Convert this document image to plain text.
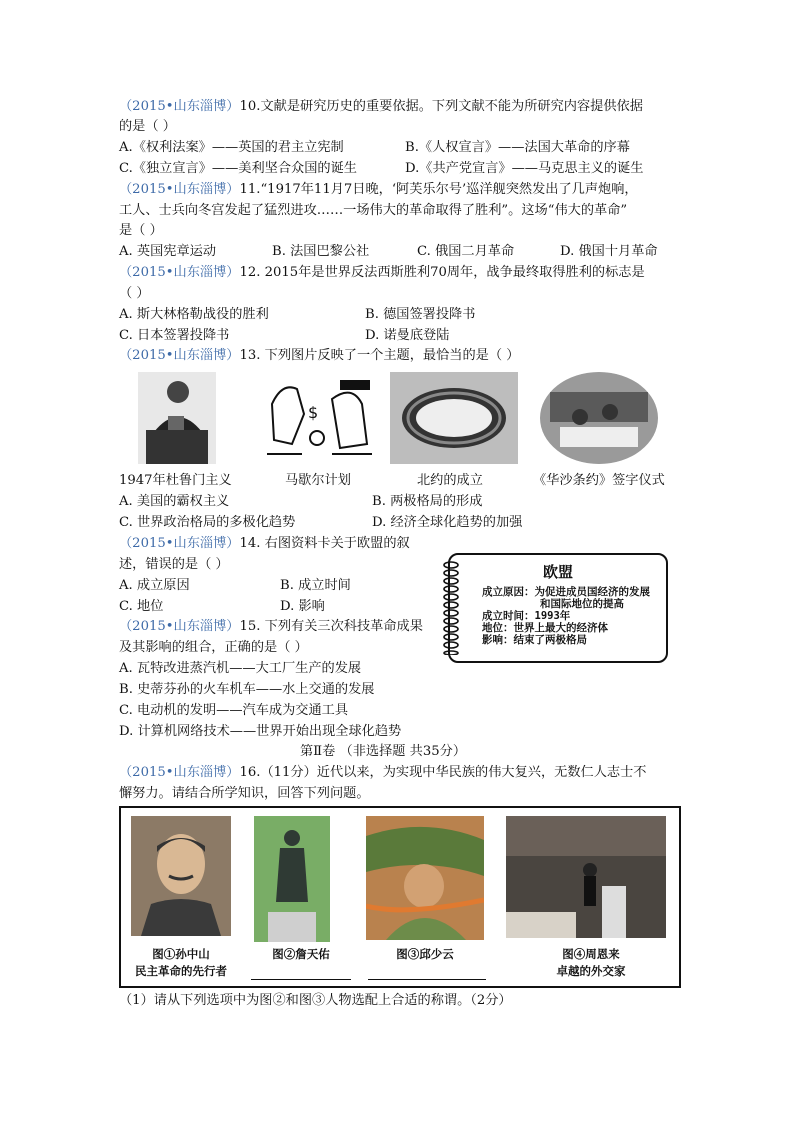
（2015•山东淄博）10.文献是研究历史的重要依据。下列文献不能为所研究内容提供依据
的是（ ）
A.《权利法案》——英国的君主立宪制	B.《人权宣言》——法国大革命的序幕
C.《独立宣言》——美利坚合众国的诞生	D.《共产党宣言》——马克思主义的诞生
（2015•山东淄博）11.“1917年11月7日晚，‘阿芙乐尔号’巡洋舰突然发出了几声炮响，
工人、士兵向冬宫发起了猛烈进攻……一场伟大的革命取得了胜利”。这场“伟大的革命”
是（ ）
A. 英国宪章运动	B. 法国巴黎公社	C. 俄国二月革命	D. 俄国十月革命
（2015•山东淄博）12. 2015年是世界反法西斯胜利70周年，战争最终取得胜利的标志是
（ ）
A. 斯大林格勒战役的胜利	B. 德国签署投降书
C. 日本签署投降书	D. 诺曼底登陆
（2015•山东淄博）13. 下列图片反映了一个主题，最恰当的是（ ）
$
1947年杜鲁门主义	马歇尔计划	北约的成立	《华沙条约》签字仪式
A. 美国的霸权主义	B. 两极格局的形成
C. 世界政治格局的多极化趋势	D. 经济全球化趋势的加强
（2015•山东淄博）14. 右图资料卡关于欧盟的叙
述，错误的是（ ）
A. 成立原因	B. 成立时间
C. 地位	D. 影响
欧盟
成立原因：为促进成员国经济的发展
和国际地位的提高
成立时间：1993年
地位：世界上最大的经济体
影响：结束了两极格局
（2015•山东淄博）15. 下列有关三次科技革命成果
及其影响的组合，正确的是（ ）
A. 瓦特改进蒸汽机——大工厂生产的发展
B. 史蒂芬孙的火车机车——水上交通的发展
C. 电动机的发明——汽车成为交通工具
D. 计算机网络技术——世界开始出现全球化趋势
第Ⅱ卷 （非选择题 共35分）
（2015•山东淄博）16.（11分）近代以来，为实现中华民族的伟大复兴，无数仁人志士不
懈努力。请结合所学知识，回答下列问题。
图①孙中山
民主革命的先行者
图②詹天佑	图③邱少云	图④周恩来
卓越的外交家
（1）请从下列选项中为图②和图③人物选配上合适的称谓。（2分）
